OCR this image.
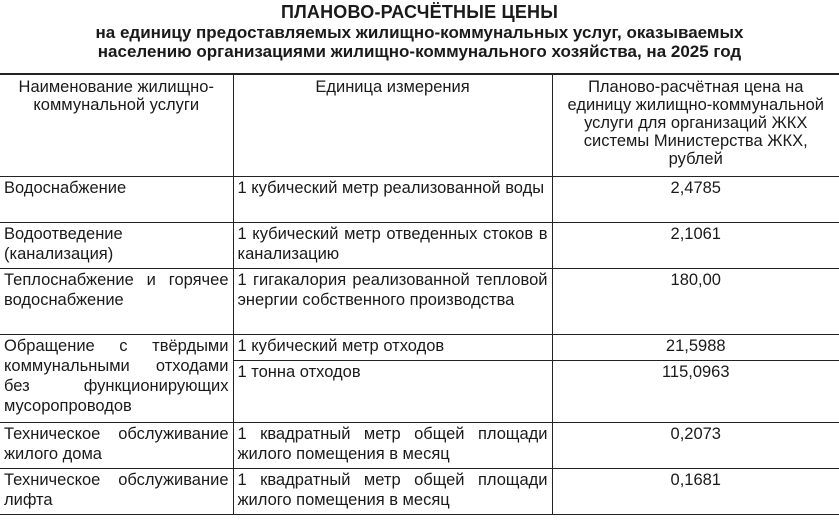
ПЛАНОВО-РАСЧЁТНЫЕ ЦЕНЫ
на единицу предоставляемых жилищно-коммунальных услуг, оказываемых
населению организациями жилищно-коммунального хозяйства, на 2025 год
Наименование жилищно-коммунальной услуги	Единица измерения	Планово-расчётная цена на единицу жилищно-коммунальной услуги для организаций ЖКХ системы Министерства ЖКХ, рублей
Водоснабжение	1 кубический метр реализованной воды	2,4785
Водоотведение (канализация)	1 кубический метр отведенных стоков в канализацию	2,1061
Теплоснабжение и горячее водоснабжение	1 гигакалория реализованной тепловой энергии собственного производства	180,00
Обращение с твёрдыми коммунальными отходами без функционирующих мусоропроводов	1 кубический метр отходов	21,5988
	1 тонна отходов	115,0963
Техническое обслуживание жилого дома	1 квадратный метр общей площади жилого помещения в месяц	0,2073
Техническое обслуживание лифта	1 квадратный метр общей площади жилого помещения в месяц	0,1681
